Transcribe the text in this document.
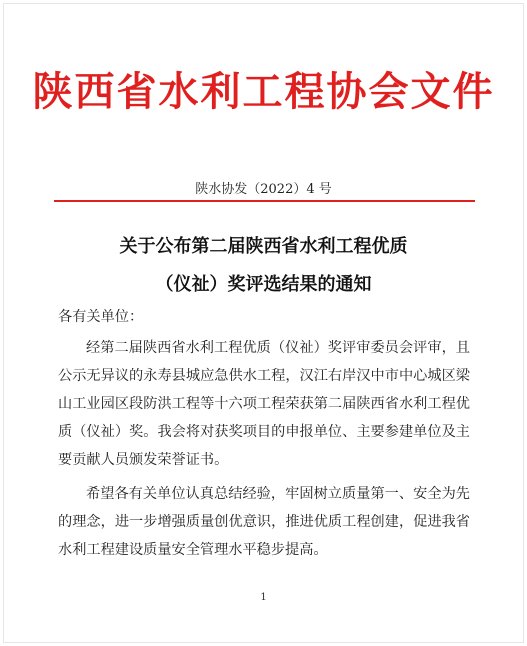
陕西省水利工程协会文件
陕水协发（2022）4 号
关于公布第二届陕西省水利工程优质
（仪祉）奖评选结果的通知
各有关单位：
经第二届陕西省水利工程优质（仪祉）奖评审委员会评审，且公示无异议的永寿县城应急供水工程，汉江右岸汉中市中心城区梁山工业园区段防洪工程等十六项工程荣获第二届陕西省水利工程优质（仪祉）奖。我会将对获奖项目的申报单位、主要参建单位及主要贡献人员颁发荣誉证书。
希望各有关单位认真总结经验，牢固树立质量第一、安全为先的理念，进一步增强质量创优意识，推进优质工程创建，促进我省水利工程建设质量安全管理水平稳步提高。
1
